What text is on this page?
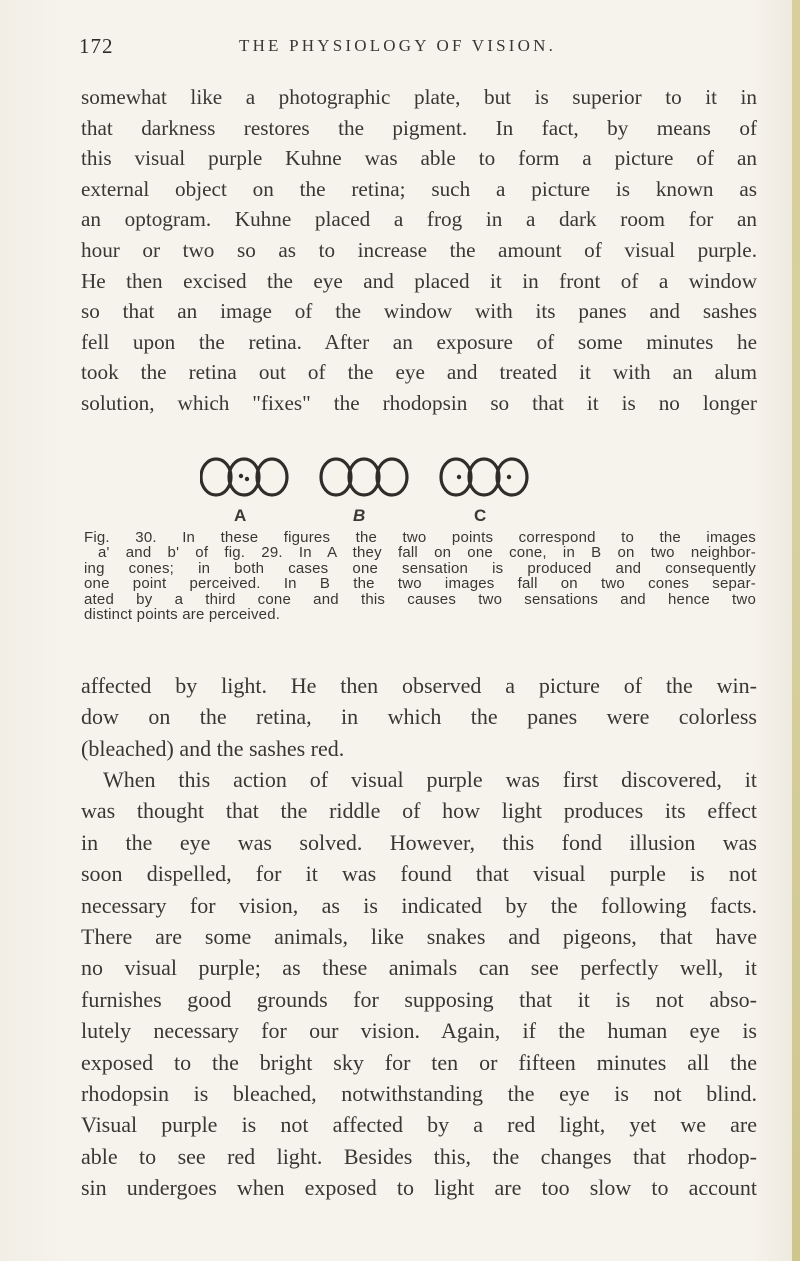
172	THE PHYSIOLOGY OF VISION.
somewhat like a photographic plate, but is superior to it in
that darkness restores the pigment. In fact, by means of
this visual purple Kuhne was able to form a picture of an
external object on the retina; such a picture is known as
an optogram. Kuhne placed a frog in a dark room for an
hour or two so as to increase the amount of visual purple.
He then excised the eye and placed it in front of a window
so that an image of the window with its panes and sashes
fell upon the retina. After an exposure of some minutes he
took the retina out of the eye and treated it with an alum
solution, which "fixes" the rhodopsin so that it is no longer
A	B	C
Fig. 30. In these figures the two points correspond to the images
a' and b' of fig. 29. In A they fall on one cone, in B on two neighbor-
ing cones; in both cases one sensation is produced and consequently
one point perceived. In B the two images fall on two cones separ-
ated by a third cone and this causes two sensations and hence two
distinct points are perceived.
affected by light. He then observed a picture of the win-
dow on the retina, in which the panes were colorless
(bleached) and the sashes red.
When this action of visual purple was first discovered, it
was thought that the riddle of how light produces its effect
in the eye was solved. However, this fond illusion was
soon dispelled, for it was found that visual purple is not
necessary for vision, as is indicated by the following facts.
There are some animals, like snakes and pigeons, that have
no visual purple; as these animals can see perfectly well, it
furnishes good grounds for supposing that it is not abso-
lutely necessary for our vision. Again, if the human eye is
exposed to the bright sky for ten or fifteen minutes all the
rhodopsin is bleached, notwithstanding the eye is not blind.
Visual purple is not affected by a red light, yet we are
able to see red light. Besides this, the changes that rhodop-
sin undergoes when exposed to light are too slow to account
